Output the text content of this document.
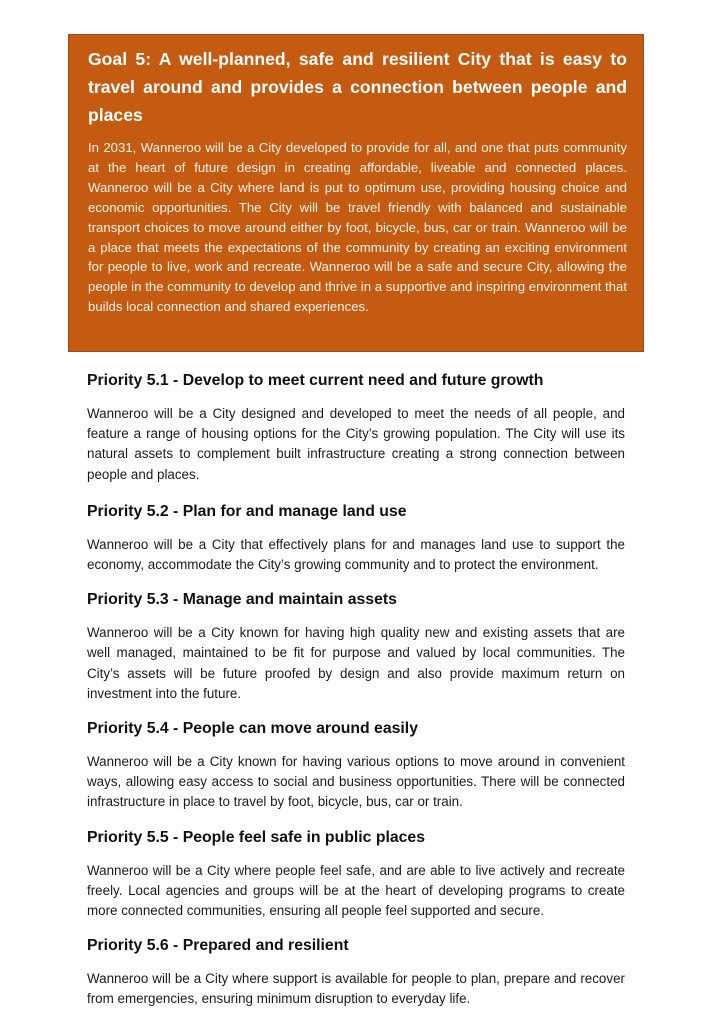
Goal 5: A well-planned, safe and resilient City that is easy to travel around and provides a connection between people and places

In 2031, Wanneroo will be a City developed to provide for all, and one that puts community at the heart of future design in creating affordable, liveable and connected places. Wanneroo will be a City where land is put to optimum use, providing housing choice and economic opportunities. The City will be travel friendly with balanced and sustainable transport choices to move around either by foot, bicycle, bus, car or train. Wanneroo will be a place that meets the expectations of the community by creating an exciting environment for people to live, work and recreate. Wanneroo will be a safe and secure City, allowing the people in the community to develop and thrive in a supportive and inspiring environment that builds local connection and shared experiences.

Priority 5.1 - Develop to meet current need and future growth

Wanneroo will be a City designed and developed to meet the needs of all people, and feature a range of housing options for the City’s growing population. The City will use its natural assets to complement built infrastructure creating a strong connection between people and places.

Priority 5.2 - Plan for and manage land use

Wanneroo will be a City that effectively plans for and manages land use to support the economy, accommodate the City’s growing community and to protect the environment.

Priority 5.3 - Manage and maintain assets

Wanneroo will be a City known for having high quality new and existing assets that are well managed, maintained to be fit for purpose and valued by local communities. The City’s assets will be future proofed by design and also provide maximum return on investment into the future.

Priority 5.4 - People can move around easily

Wanneroo will be a City known for having various options to move around in convenient ways, allowing easy access to social and business opportunities. There will be connected infrastructure in place to travel by foot, bicycle, bus, car or train.

Priority 5.5 - People feel safe in public places

Wanneroo will be a City where people feel safe, and are able to live actively and recreate freely. Local agencies and groups will be at the heart of developing programs to create more connected communities, ensuring all people feel supported and secure.

Priority 5.6 - Prepared and resilient

Wanneroo will be a City where support is available for people to plan, prepare and recover from emergencies, ensuring minimum disruption to everyday life.
